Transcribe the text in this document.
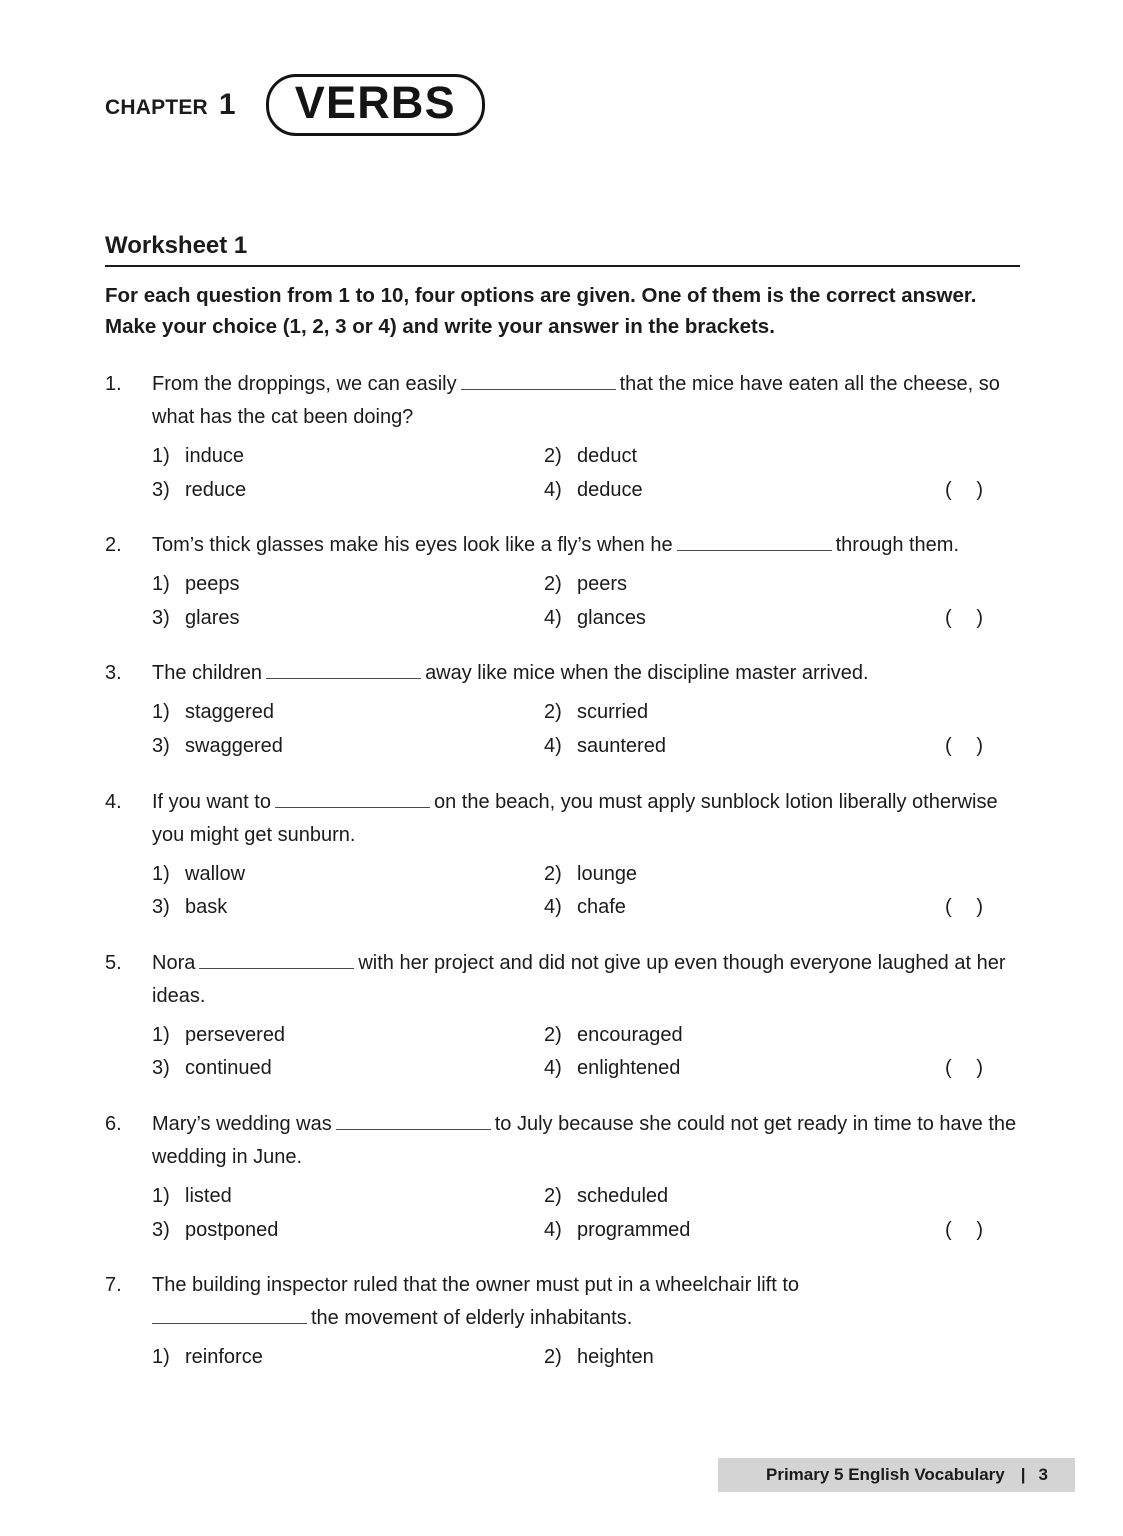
chapter 1 VERBS
Worksheet 1
For each question from 1 to 10, four options are given. One of them is the correct answer. Make your choice (1, 2, 3 or 4) and write your answer in the brackets.
1.	From the droppings, we can easily	that the mice have eaten all the cheese, so what has the cat been doing?
1) induce	2) deduct
3) reduce	4) deduce	(    )
2.	Tom’s thick glasses make his eyes look like a fly’s when he	through them.
1) peeps	2) peers
3) glares	4) glances	(    )
3.	The children	away like mice when the discipline master arrived.
1) staggered	2) scurried
3) swaggered	4) sauntered	(    )
4.	If you want to	on the beach, you must apply sunblock lotion liberally otherwise you might get sunburn.
1) wallow	2) lounge
3) bask	4) chafe	(    )
5.	Nora	with her project and did not give up even though everyone laughed at her ideas.
1) persevered	2) encouraged
3) continued	4) enlightened	(    )
6.	Mary’s wedding was	to July because she could not get ready in time to have the wedding in June.
1) listed	2) scheduled
3) postponed	4) programmed	(    )
7.	The building inspector ruled that the owner must put in a wheelchair lift to
the movement of elderly inhabitants.
1) reinforce	2) heighten
Primary 5 English Vocabulary | 3
